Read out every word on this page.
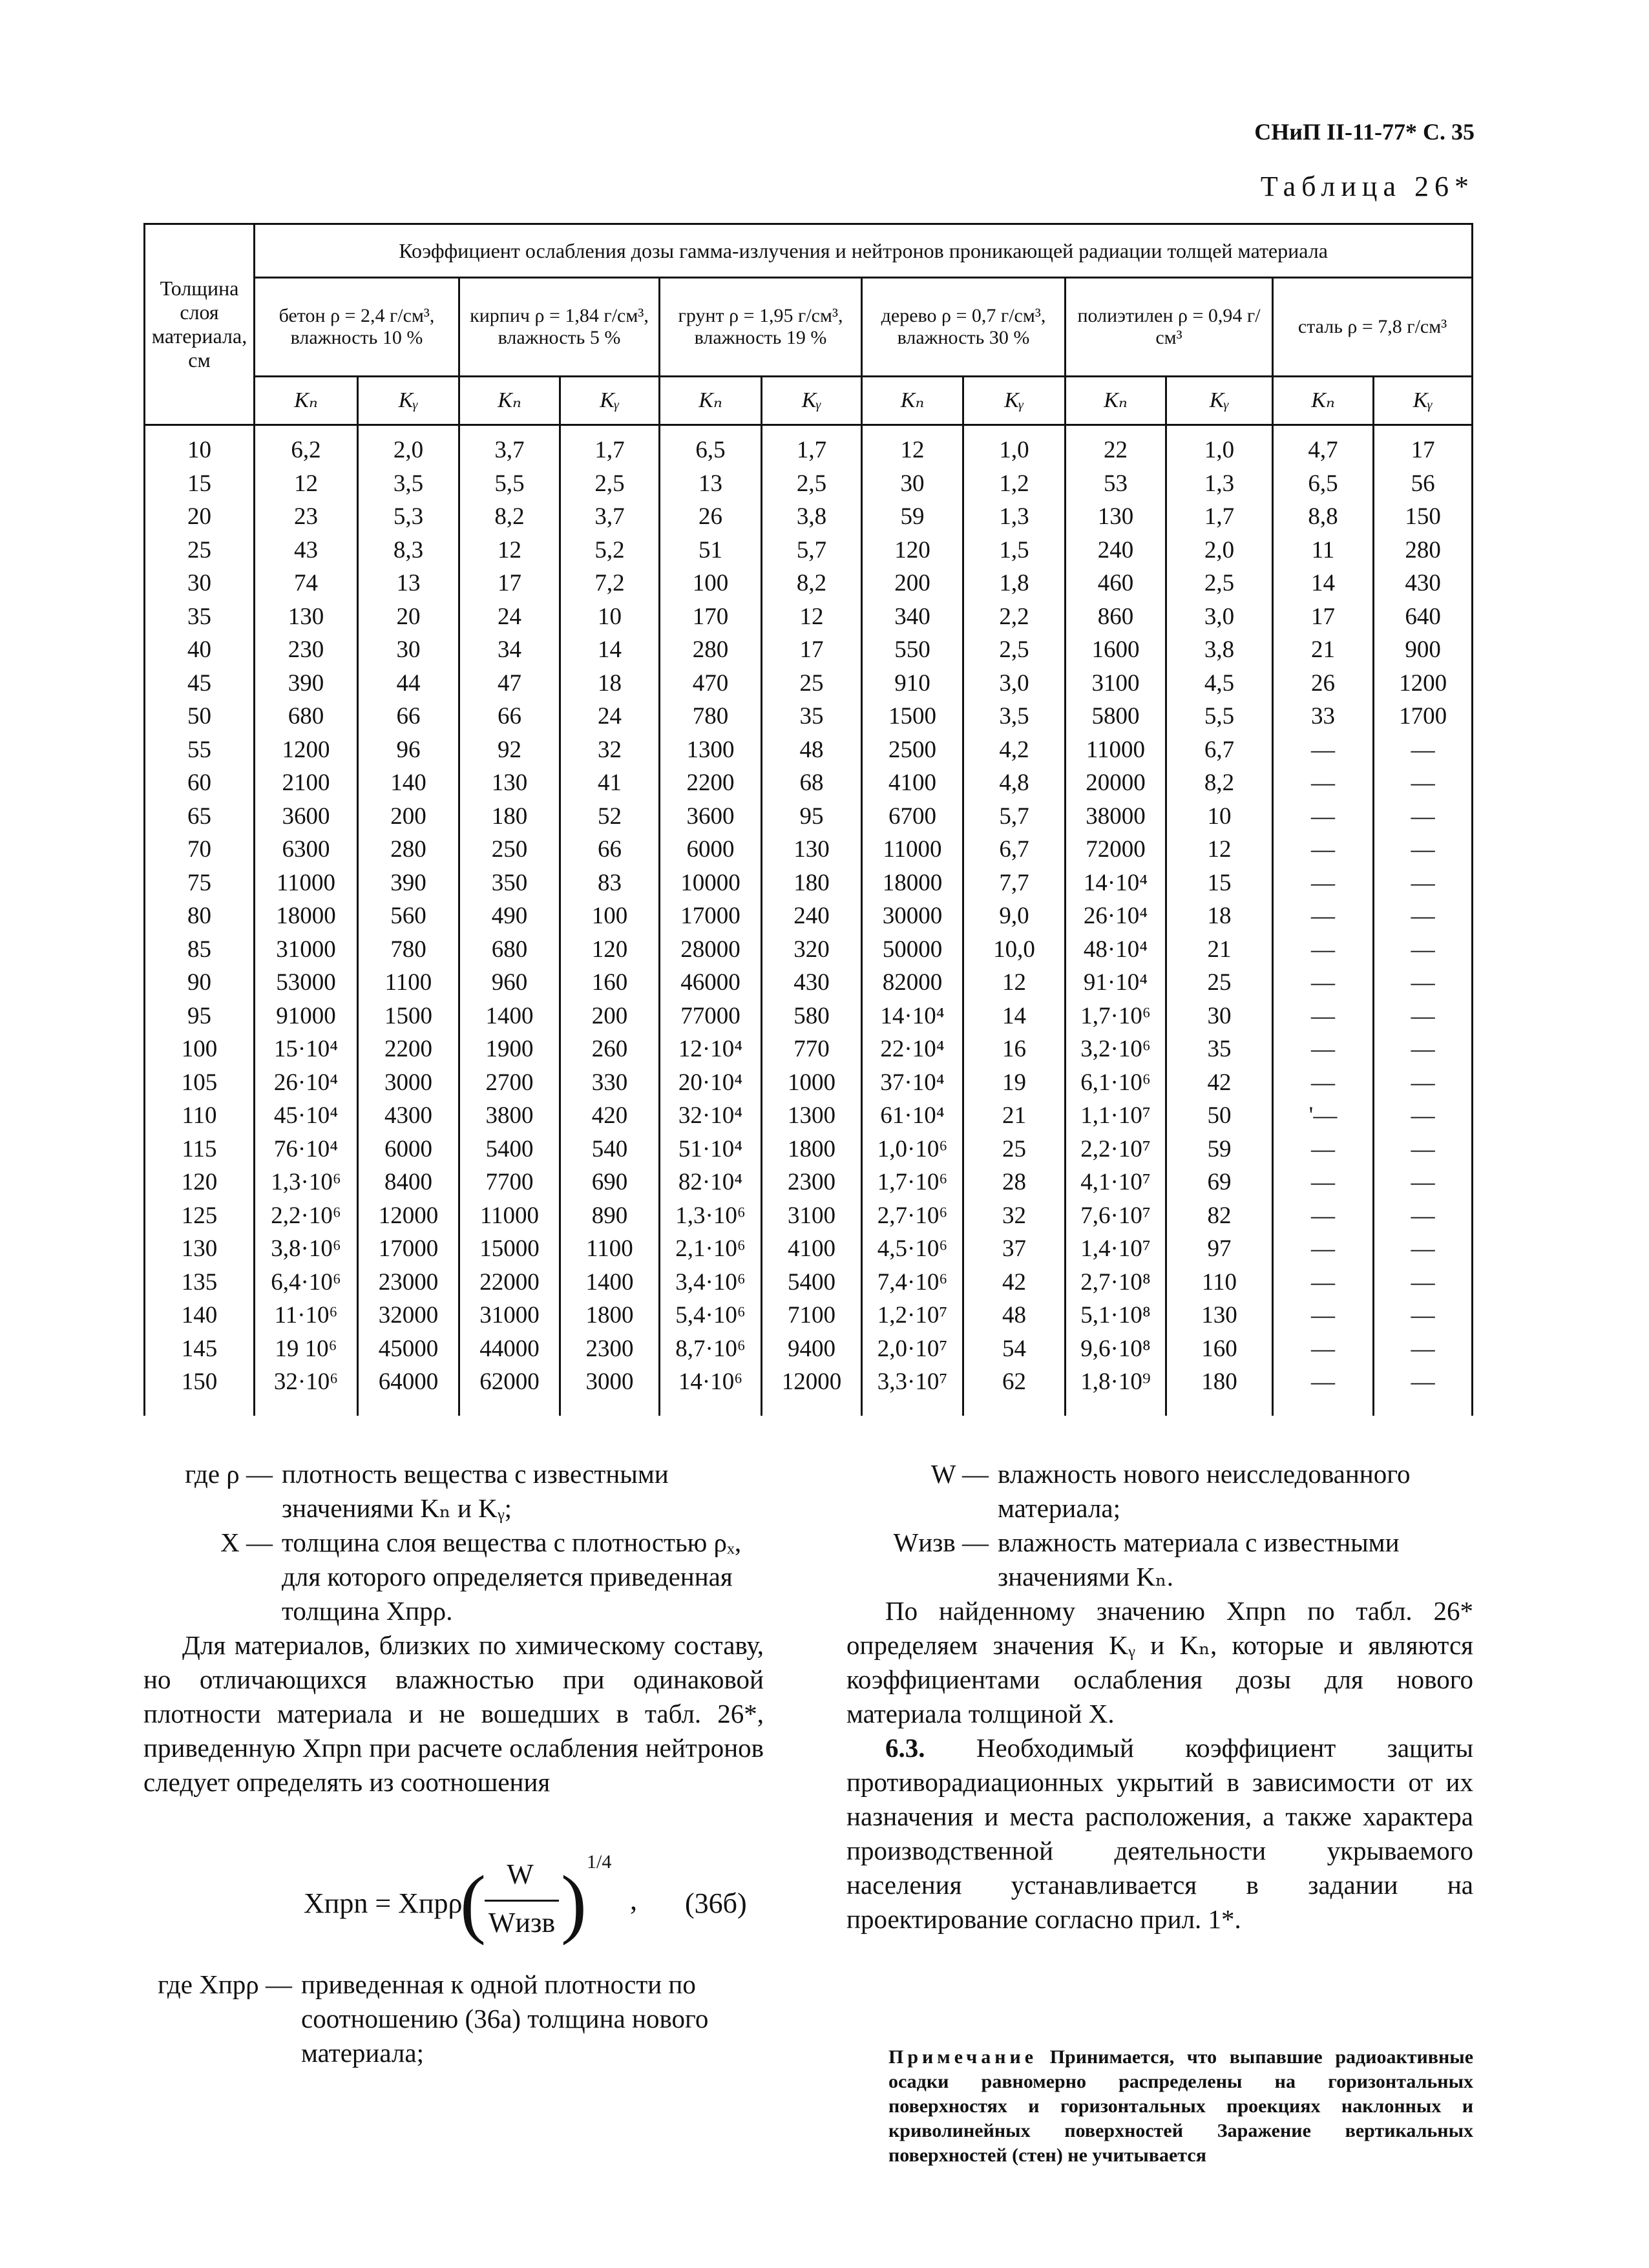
СНиП II-11-77* С. 35
Таблица 26*
Толщина слоя материала, см	Коэффициент ослабления дозы гамма-излучения и нейтронов проникающей радиации толщей материала											
	бетон ρ = 2,4 г/см³, влажность 10 %		кирпич ρ = 1,84 г/см³, влажность 5 %		грунт ρ = 1,95 г/см³, влажность 19 %		дерево ρ = 0,7 г/см³, влажность 30 %		полиэтилен ρ = 0,94 г/см³		сталь ρ = 7,8 г/см³	
	Kₙ	Kᵧ	Kₙ	Kᵧ	Kₙ	Kᵧ	Kₙ	Kᵧ	Kₙ	Kᵧ	Kₙ	Kᵧ
10	6,2	2,0	3,7	1,7	6,5	1,7	12	1,0	22	1,0	4,7	17
15	12	3,5	5,5	2,5	13	2,5	30	1,2	53	1,3	6,5	56
20	23	5,3	8,2	3,7	26	3,8	59	1,3	130	1,7	8,8	150
25	43	8,3	12	5,2	51	5,7	120	1,5	240	2,0	11	280
30	74	13	17	7,2	100	8,2	200	1,8	460	2,5	14	430
35	130	20	24	10	170	12	340	2,2	860	3,0	17	640
40	230	30	34	14	280	17	550	2,5	1600	3,8	21	900
45	390	44	47	18	470	25	910	3,0	3100	4,5	26	1200
50	680	66	66	24	780	35	1500	3,5	5800	5,5	33	1700
55	1200	96	92	32	1300	48	2500	4,2	11000	6,7	—	—
60	2100	140	130	41	2200	68	4100	4,8	20000	8,2	—	—
65	3600	200	180	52	3600	95	6700	5,7	38000	10	—	—
70	6300	280	250	66	6000	130	11000	6,7	72000	12	—	—
75	11000	390	350	83	10000	180	18000	7,7	14·10⁴	15	—	—
80	18000	560	490	100	17000	240	30000	9,0	26·10⁴	18	—	—
85	31000	780	680	120	28000	320	50000	10,0	48·10⁴	21	—	—
90	53000	1100	960	160	46000	430	82000	12	91·10⁴	25	—	—
95	91000	1500	1400	200	77000	580	14·10⁴	14	1,7·10⁶	30	—	—
100	15·10⁴	2200	1900	260	12·10⁴	770	22·10⁴	16	3,2·10⁶	35	—	—
105	26·10⁴	3000	2700	330	20·10⁴	1000	37·10⁴	19	6,1·10⁶	42	—	—
110	45·10⁴	4300	3800	420	32·10⁴	1300	61·10⁴	21	1,1·10⁷	50	'—	—
115	76·10⁴	6000	5400	540	51·10⁴	1800	1,0·10⁶	25	2,2·10⁷	59	—	—
120	1,3·10⁶	8400	7700	690	82·10⁴	2300	1,7·10⁶	28	4,1·10⁷	69	—	—
125	2,2·10⁶	12000	11000	890	1,3·10⁶	3100	2,7·10⁶	32	7,6·10⁷	82	—	—
130	3,8·10⁶	17000	15000	1100	2,1·10⁶	4100	4,5·10⁶	37	1,4·10⁷	97	—	—
135	6,4·10⁶	23000	22000	1400	3,4·10⁶	5400	7,4·10⁶	42	2,7·10⁸	110	—	—
140	11·10⁶	32000	31000	1800	5,4·10⁶	7100	1,2·10⁷	48	5,1·10⁸	130	—	—
145	19 10⁶	45000	44000	2300	8,7·10⁶	9400	2,0·10⁷	54	9,6·10⁸	160	—	—
150	32·10⁶	64000	62000	3000	14·10⁶	12000	3,3·10⁷	62	1,8·10⁹	180	—	—
где ρ — плотность вещества с известными значениями Kₙ и Kᵧ;
X — толщина слоя вещества с плотностью ρₓ, для которого определяется приведенная толщина Xпрρ.

Для материалов, близких по химическому составу, но отличающихся влажностью при одинаковой плотности материала и не вошедших в табл. 26*, приведенную Xпрn при расчете ослабления нейтронов следует определять из соотношения

Xпрn = Xпрρ
( W
Wизв ) 1/4
, (36б)
где Xпрρ — приведенная к одной плотности по соотношению (36а) толщина нового материала;
W — влажность нового неисследованного материала;
Wизв — влажность материала с известными значениями Kₙ.

По найденному значению Xпрn по табл. 26* определяем значения Kᵧ и Kₙ, которые и являются коэффициентами ослабления дозы для нового материала толщиной X.

6.3. Необходимый коэффициент защиты противорадиационных укрытий в зависимости от их назначения и места расположения, а также характера производственной деятельности укрываемого населения устанавливается в задании на проектирование согласно прил. 1*.

Примечание Принимается, что выпавшие радиоактивные осадки равномерно распределены на горизонтальных поверхностях и горизонтальных проекциях наклонных и криволинейных поверхностей Заражение вертикальных поверхностей (стен) не учитывается
